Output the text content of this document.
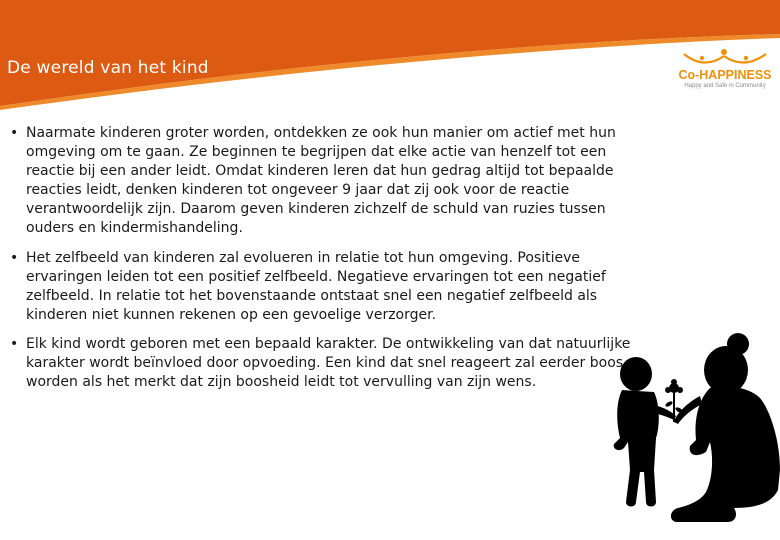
De wereld van het kind	Co-HAPPINESS
Happy and Safe in Community
• Naarmate kinderen groter worden, ontdekken ze ook hun manier om actief met hun omgeving om te gaan. Ze beginnen te begrijpen dat elke actie van henzelf tot een reactie bij een ander leidt. Omdat kinderen leren dat hun gedrag altijd tot bepaalde reacties leidt, denken kinderen tot ongeveer 9 jaar dat zij ook voor de reactie verantwoordelijk zijn. Daarom geven kinderen zichzelf de schuld van ruzies tussen ouders en kindermishandeling.
• Het zelfbeeld van kinderen zal evolueren in relatie tot hun omgeving. Positieve ervaringen leiden tot een positief zelfbeeld. Negatieve ervaringen tot een negatief zelfbeeld. In relatie tot het bovenstaande ontstaat snel een negatief zelfbeeld als kinderen niet kunnen rekenen op een gevoelige verzorger.
• Elk kind wordt geboren met een bepaald karakter. De ontwikkeling van dat natuurlijke karakter wordt beïnvloed door opvoeding. Een kind dat snel reageert zal eerder boos worden als het merkt dat zijn boosheid leidt tot vervulling van zijn wens.
